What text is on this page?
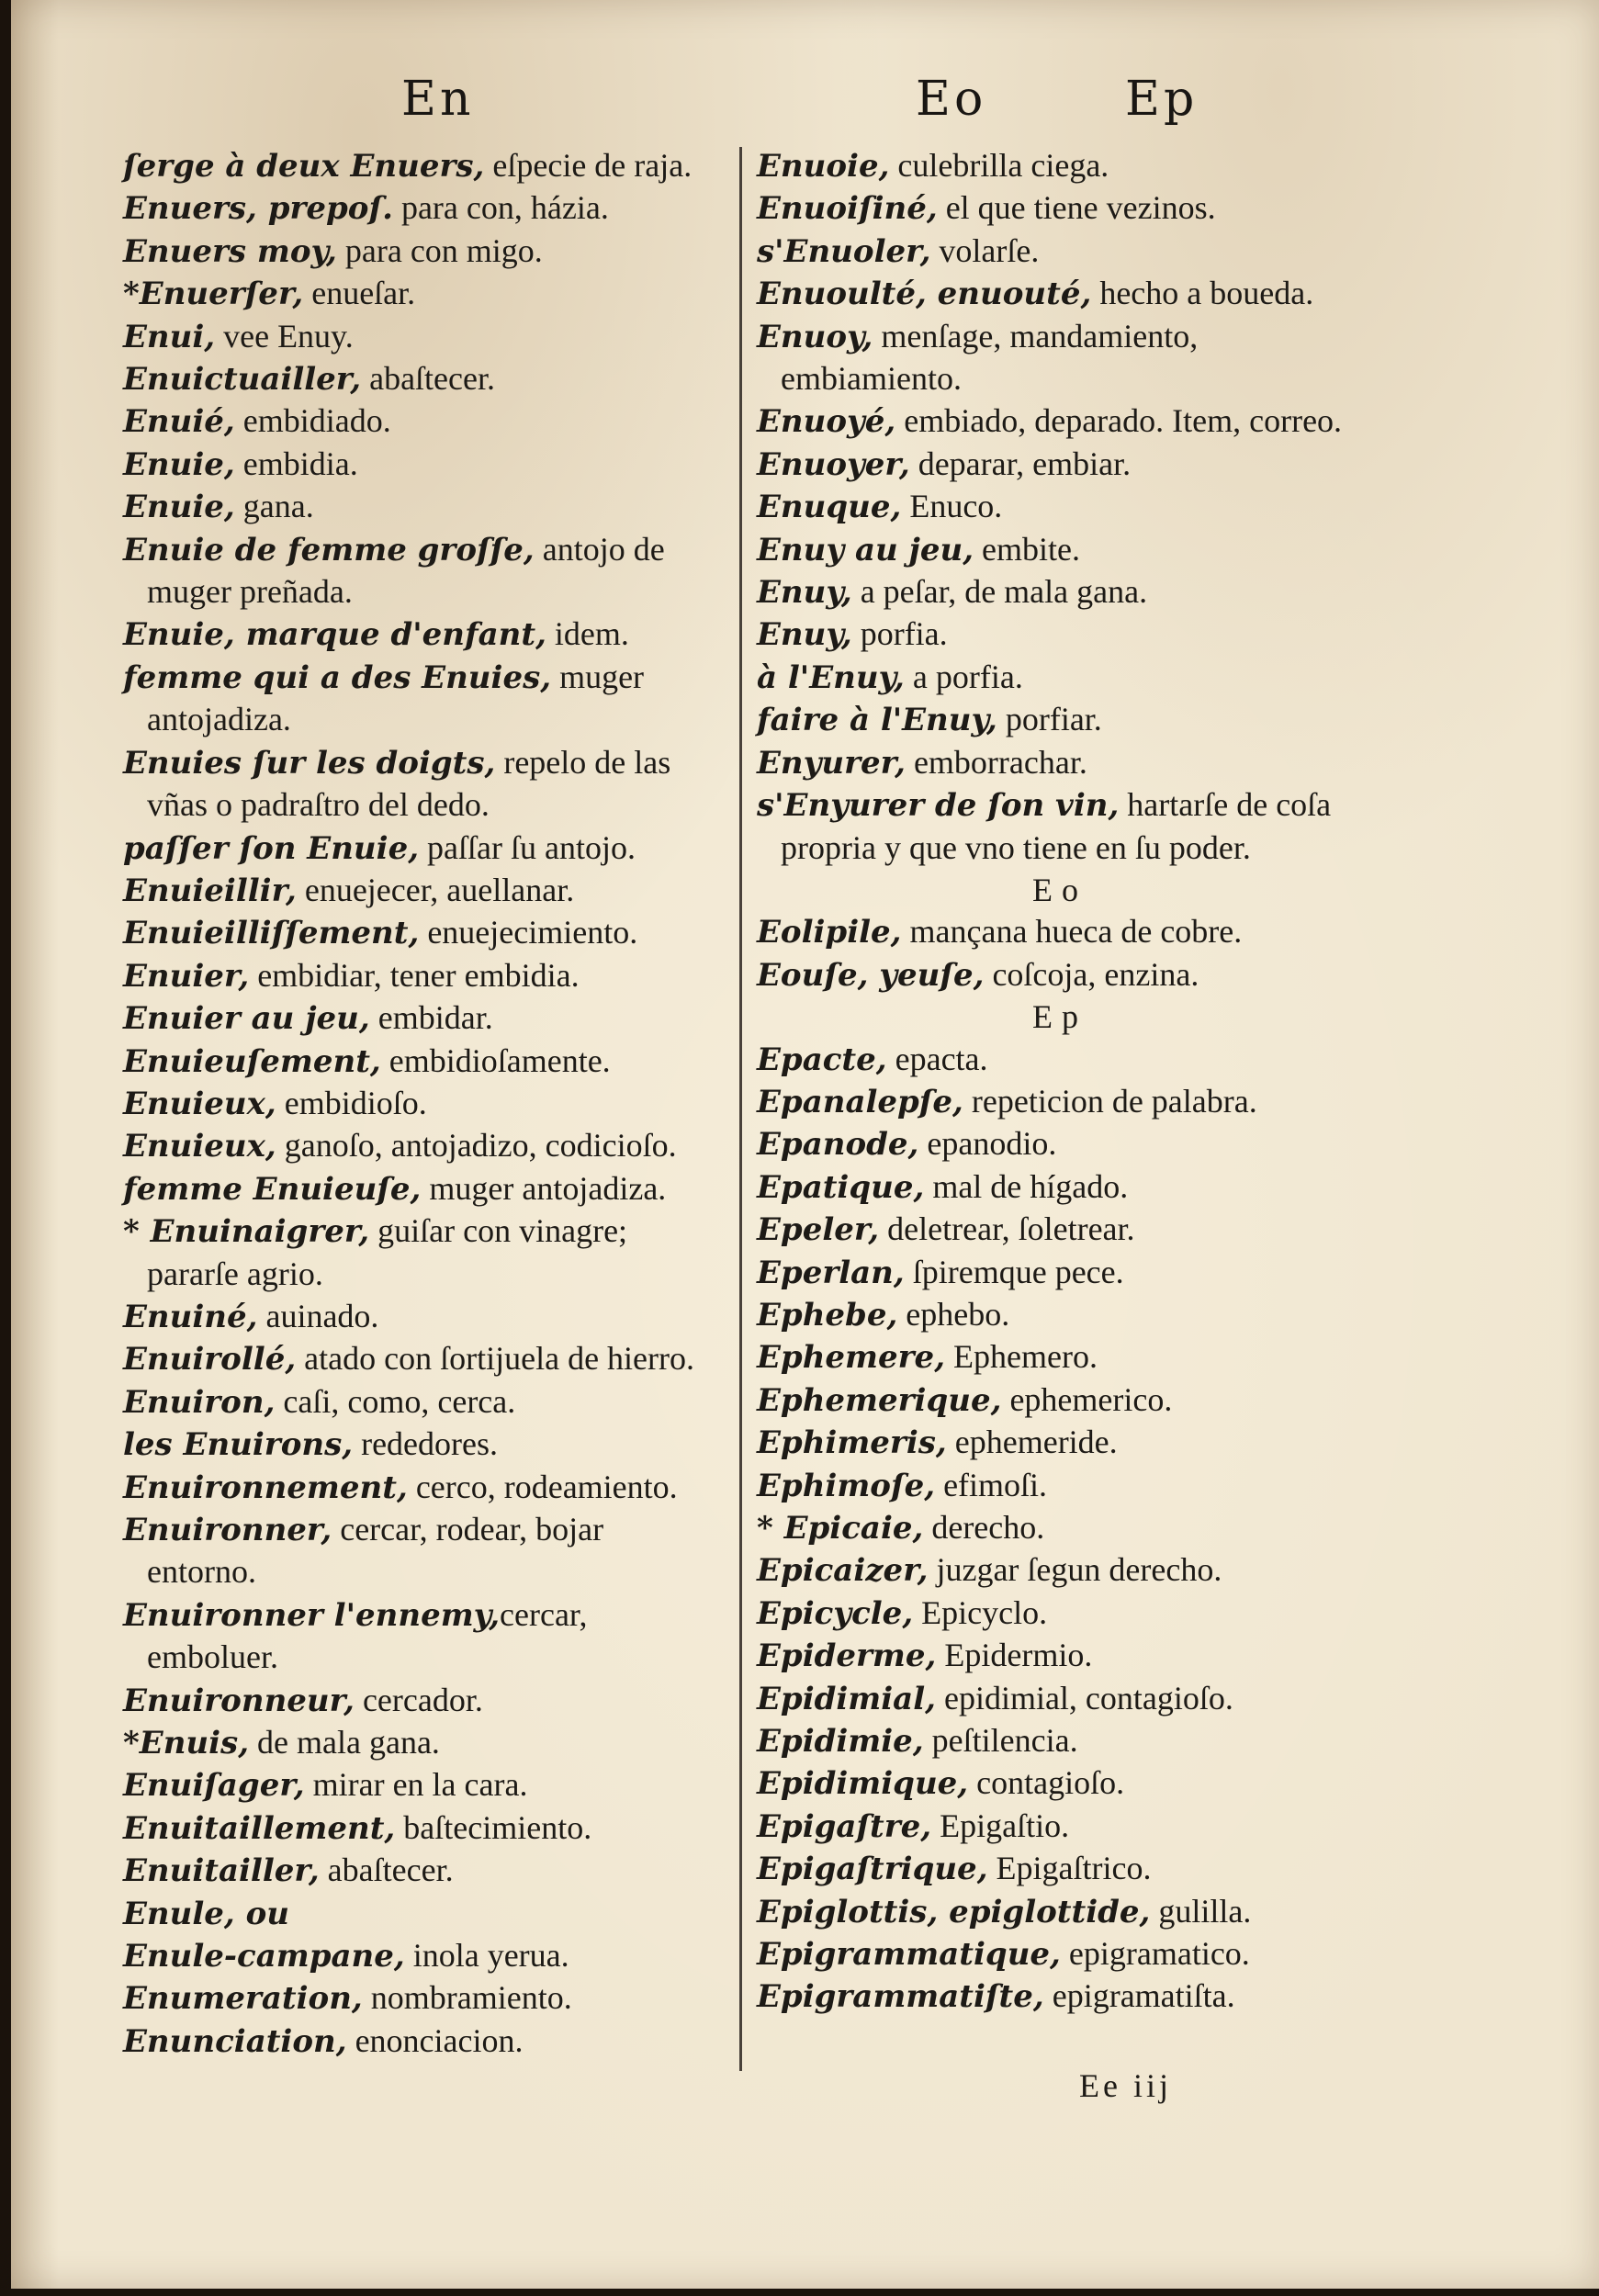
En	Eo	Ep
ſerge à deux Enuers, eſpecie de raja.
Enuers, prepoſ. para con, házia.
Enuers moy, para con migo.
*Enuerſer, enueſar.
Enui, vee Enuy.
Enuictuailler, abaſtecer.
Enuié, embidiado.
Enuie, embidia.
Enuie, gana.
Enuie de femme groſſe, antojo de muger preñada.
Enuie, marque d'enfant, idem.
femme qui a des Enuies, muger antojadiza.
Enuies ſur les doigts, repelo de las vñas o padraſtro del dedo.
paſſer ſon Enuie, paſſar ſu antojo.
Enuieillir, enuejecer, auellanar.
Enuieilliſſement, enuejecimiento.
Enuier, embidiar, tener embidia.
Enuier au jeu, embidar.
Enuieuſement, embidioſamente.
Enuieux, embidioſo.
Enuieux, ganoſo, antojadizo, codicioſo.
femme Enuieuſe, muger antojadiza.
* Enuinaigrer, guiſar con vinagre; pararſe agrio.
Enuiné, auinado.
Enuirollé, atado con ſortijuela de hierro.
Enuiron, caſi, como, cerca.
les Enuirons, rededores.
Enuironnement, cerco, rodeamiento.
Enuironner, cercar, rodear, bojar entorno.
Enuironner l'ennemy,cercar, emboluer.
Enuironneur, cercador.
*Enuis, de mala gana.
Enuiſager, mirar en la cara.
Enuitaillement, baſtecimiento.
Enuitailler, abaſtecer.
Enule, ou
Enule-campane, inola yerua.
Enumeration, nombramiento.
Enunciation, enonciacion.
Enuoie, culebrilla ciega.
Enuoiſiné, el que tiene vezinos.
s'Enuoler, volarſe.
Enuoulté, enuouté, hecho a boueda.
Enuoy, menſage, mandamiento, embiamiento.
Enuoyé, embiado, deparado. Item, correo.
Enuoyer, deparar, embiar.
Enuque, Enuco.
Enuy au jeu, embite.
Enuy, a peſar, de mala gana.
Enuy, porfia.
à l'Enuy, a porfia.
faire à l'Enuy, porfiar.
Enyurer, emborrachar.
s'Enyurer de ſon vin, hartarſe de coſa propria y que vno tiene en ſu poder.
Eo
Eolipile, mançana hueca de cobre.
Eouſe, yeuſe, coſcoja, enzina.
Ep
Epacte, epacta.
Epanalepſe, repeticion de palabra.
Epanode, epanodio.
Epatique, mal de hígado.
Epeler, deletrear, ſoletrear.
Eperlan, ſpiremque pece.
Ephebe, ephebo.
Ephemere, Ephemero.
Ephemerique, ephemerico.
Ephimeris, ephemeride.
Ephimoſe, efimoſi.
* Epicaie, derecho.
Epicaizer, juzgar ſegun derecho.
Epicycle, Epicyclo.
Epiderme, Epidermio.
Epidimial, epidimial, contagioſo.
Epidimie, peſtilencia.
Epidimique, contagioſo.
Epigaſtre, Epigaſtio.
Epigaſtrique, Epigaſtrico.
Epiglottis, epiglottide, gulilla.
Epigrammatique, epigramatico.
Epigrammatiſte, epigramatiſta.
Ee iij
